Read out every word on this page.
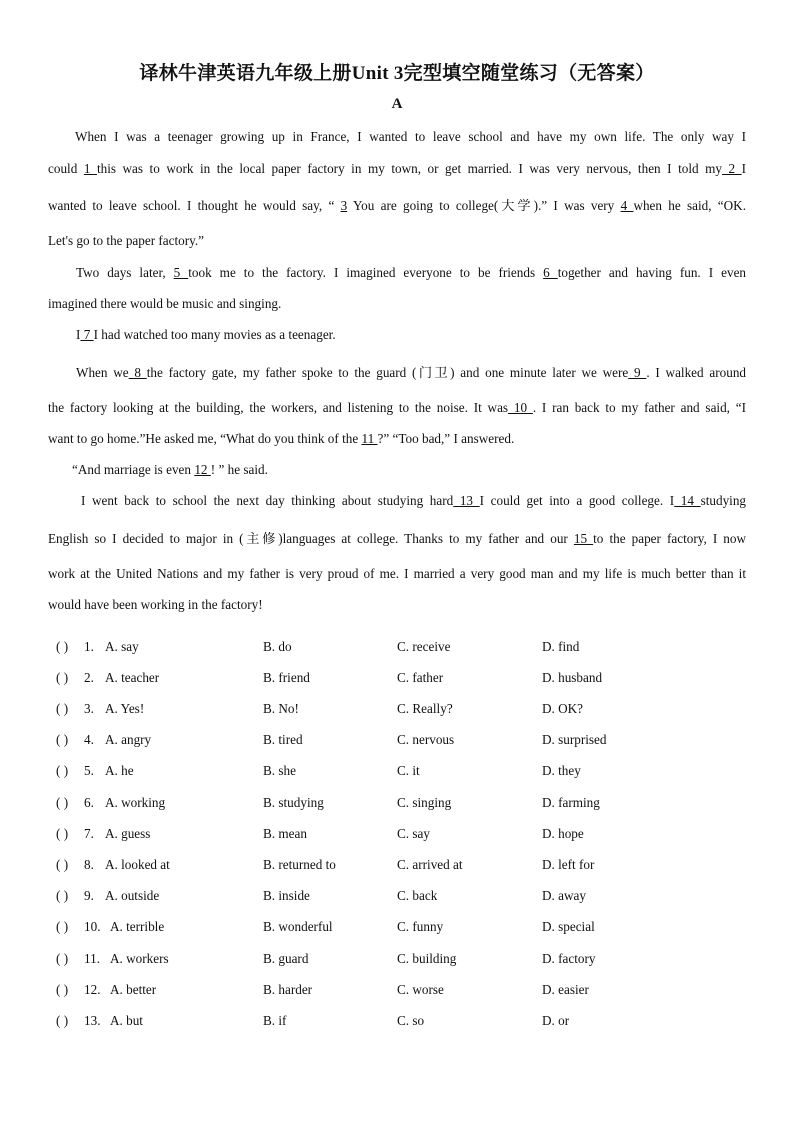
译林牛津英语九年级上册Unit 3完型填空随堂练习（无答案）
A
When I was a teenager growing up in France, I wanted to leave school and have my own life. The only way I
could 1 this was to work in the local paper factory in my town, or get married. I was very nervous, then I told my 2 I
wanted to leave school. I thought he would say, “ 3 You are going to college(大学).” I was very 4 when he said, “OK.
Let's go to the paper factory.”
Two days later, 5 took me to the factory. I imagined everyone to be friends 6 together and having fun. I even
imagined there would be music and singing.
I 7 I had watched too many movies as a teenager.
When we 8 the factory gate, my father spoke to the guard (门卫) and one minute later we were 9 . I walked around
the factory looking at the building, the workers, and listening to the noise. It was 10 . I ran back to my father and said, “I
want to go home.”He asked me, “What do you think of the 11 ?” “Too bad,” I answered.
“And marriage is even 12 ! ” he said.
I went back to school the next day thinking about studying hard 13 I could get into a good college. I 14 studying
English so I decided to major in (主修)languages at college. Thanks to my father and our 15 to the paper factory, I now
work at the United Nations and my father is very proud of me. I married a very good man and my life is much better than it
would have been working in the factory!
( ) 1. A. say	B. do	C. receive	D. find
( ) 2. A. teacher	B. friend	C. father	D. husband
( ) 3. A. Yes!	B. No!	C. Really?	D. OK?
( ) 4. A. angry	B. tired	C. nervous	D. surprised
( ) 5. A. he	B. she	C. it	D. they
( ) 6. A. working	B. studying	C. singing	D. farming
( ) 7. A. guess	B. mean	C. say	D. hope
( ) 8. A. looked at	B. returned to	C. arrived at	D. left for
( ) 9. A. outside	B. inside	C. back	D. away
( ) 10. A. terrible	B. wonderful	C. funny	D. special
( ) 11. A. workers	B. guard	C. building	D. factory
( ) 12. A. better	B. harder	C. worse	D. easier
( ) 13. A. but	B. if	C. so	D. or
